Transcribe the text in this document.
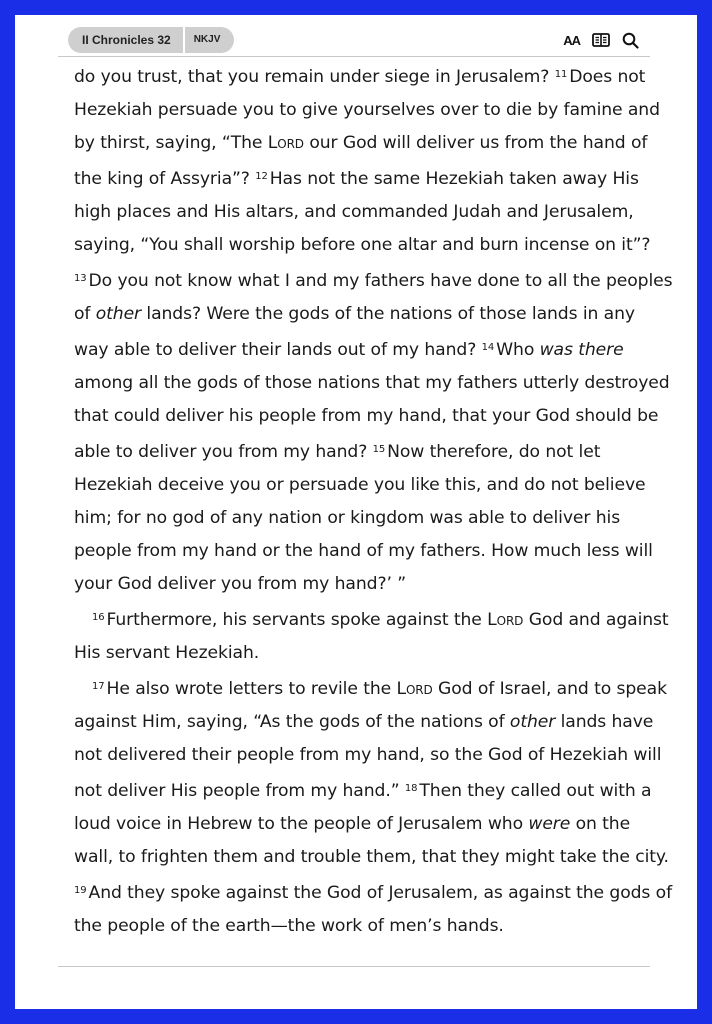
II Chronicles 32	NKJV	AA

do you trust, that you remain under siege in Jerusalem? $^{11}$ Does not Hezekiah persuade you to give yourselves over to die by famine and by thirst, saying, “The Lord our God will deliver us from the hand of the king of Assyria”? $^{12}$ Has not the same Hezekiah taken away His high places and His altars, and commanded Judah and Jerusalem, saying, “You shall worship before one altar and burn incense on it”?
$^{13}$ Do you not know what I and my fathers have done to all the peoples of other lands? Were the gods of the nations of those lands in any way able to deliver their lands out of my hand? $^{14}$ Who was there among all the gods of those nations that my fathers utterly destroyed that could deliver his people from my hand, that your God should be able to deliver you from my hand? $^{15}$ Now therefore, do not let Hezekiah deceive you or persuade you like this, and do not believe him; for no god of any nation or kingdom was able to deliver his people from my hand or the hand of my fathers. How much less will your God deliver you from my hand?’ ”

$^{16}$ Furthermore, his servants spoke against the Lord God and against His servant Hezekiah.

$^{17}$ He also wrote letters to revile the Lord God of Israel, and to speak against Him, saying, “As the gods of the nations of other lands have not delivered their people from my hand, so the God of Hezekiah will not deliver His people from my hand.” $^{18}$ Then they called out with a loud voice in Hebrew to the people of Jerusalem who were on the wall, to frighten them and trouble them, that they might take the city. $^{19}$ And they spoke against the God of Jerusalem, as against the gods of the people of the earth—the work of men’s hands.
